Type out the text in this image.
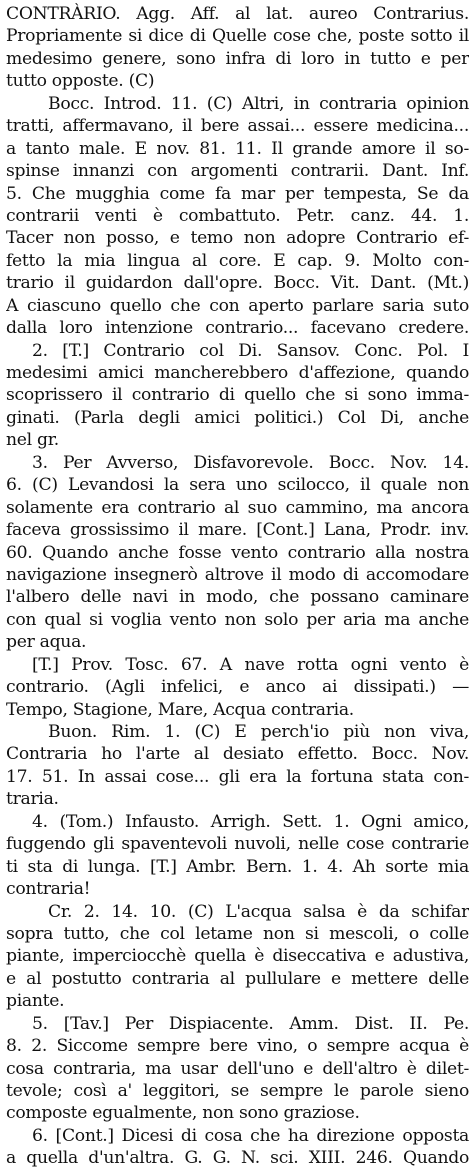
CONTRÀRIO. Agg. Aff. al lat. aureo Contrarius.
Propriamente si dice di Quelle cose che, poste sotto il
medesimo genere, sono infra di loro in tutto e per
tutto opposte. (C)
Bocc. Introd. 11. (C) Altri, in contraria opinion
tratti, affermavano, il bere assai... essere medicina...
a tanto male. E nov. 81. 11. Il grande amore il so-
spinse innanzi con argomenti contrarii. Dant. Inf.
5. Che mugghia come fa mar per tempesta, Se da
contrarii venti è combattuto. Petr. canz. 44. 1.
Tacer non posso, e temo non adopre Contrario ef-
fetto la mia lingua al core. E cap. 9. Molto con-
trario il guidardon dall'opre. Bocc. Vit. Dant. (Mt.)
A ciascuno quello che con aperto parlare saria suto
dalla loro intenzione contrario... facevano credere.
2. [T.] Contrario col Di. Sansov. Conc. Pol. I
medesimi amici mancherebbero d'affezione, quando
scoprissero il contrario di quello che si sono imma-
ginati. (Parla degli amici politici.) Col Di, anche
nel gr.
3. Per Avverso, Disfavorevole. Bocc. Nov. 14.
6. (C) Levandosi la sera uno scilocco, il quale non
solamente era contrario al suo cammino, ma ancora
faceva grossissimo il mare. [Cont.] Lana, Prodr. inv.
60. Quando anche fosse vento contrario alla nostra
navigazione insegnerò altrove il modo di accomodare
l'albero delle navi in modo, che possano caminare
con qual si voglia vento non solo per aria ma anche
per aqua.
[T.] Prov. Tosc. 67. A nave rotta ogni vento è
contrario. (Agli infelici, e anco ai dissipati.) —
Tempo, Stagione, Mare, Acqua contraria.
Buon. Rim. 1. (C) E perch'io più non viva,
Contraria ho l'arte al desiato effetto. Bocc. Nov.
17. 51. In assai cose... gli era la fortuna stata con-
traria.
4. (Tom.) Infausto. Arrigh. Sett. 1. Ogni amico,
fuggendo gli spaventevoli nuvoli, nelle cose contrarie
ti sta di lunga. [T.] Ambr. Bern. 1. 4. Ah sorte mia
contraria!
Cr. 2. 14. 10. (C) L'acqua salsa è da schifar
sopra tutto, che col letame non si mescoli, o colle
piante, imperciocchè quella è diseccativa e adustiva,
e al postutto contraria al pullulare e mettere delle
piante.
5. [Tav.] Per Dispiacente. Amm. Dist. II. Pe.
8. 2. Siccome sempre bere vino, o sempre acqua è
cosa contraria, ma usar dell'uno e dell'altro è dilet-
tevole; così a' leggitori, se sempre le parole sieno
composte egualmente, non sono graziose.
6. [Cont.] Dicesi di cosa che ha direzione opposta
a quella d'un'altra. G. G. N. sci. XIII. 246. Quando
